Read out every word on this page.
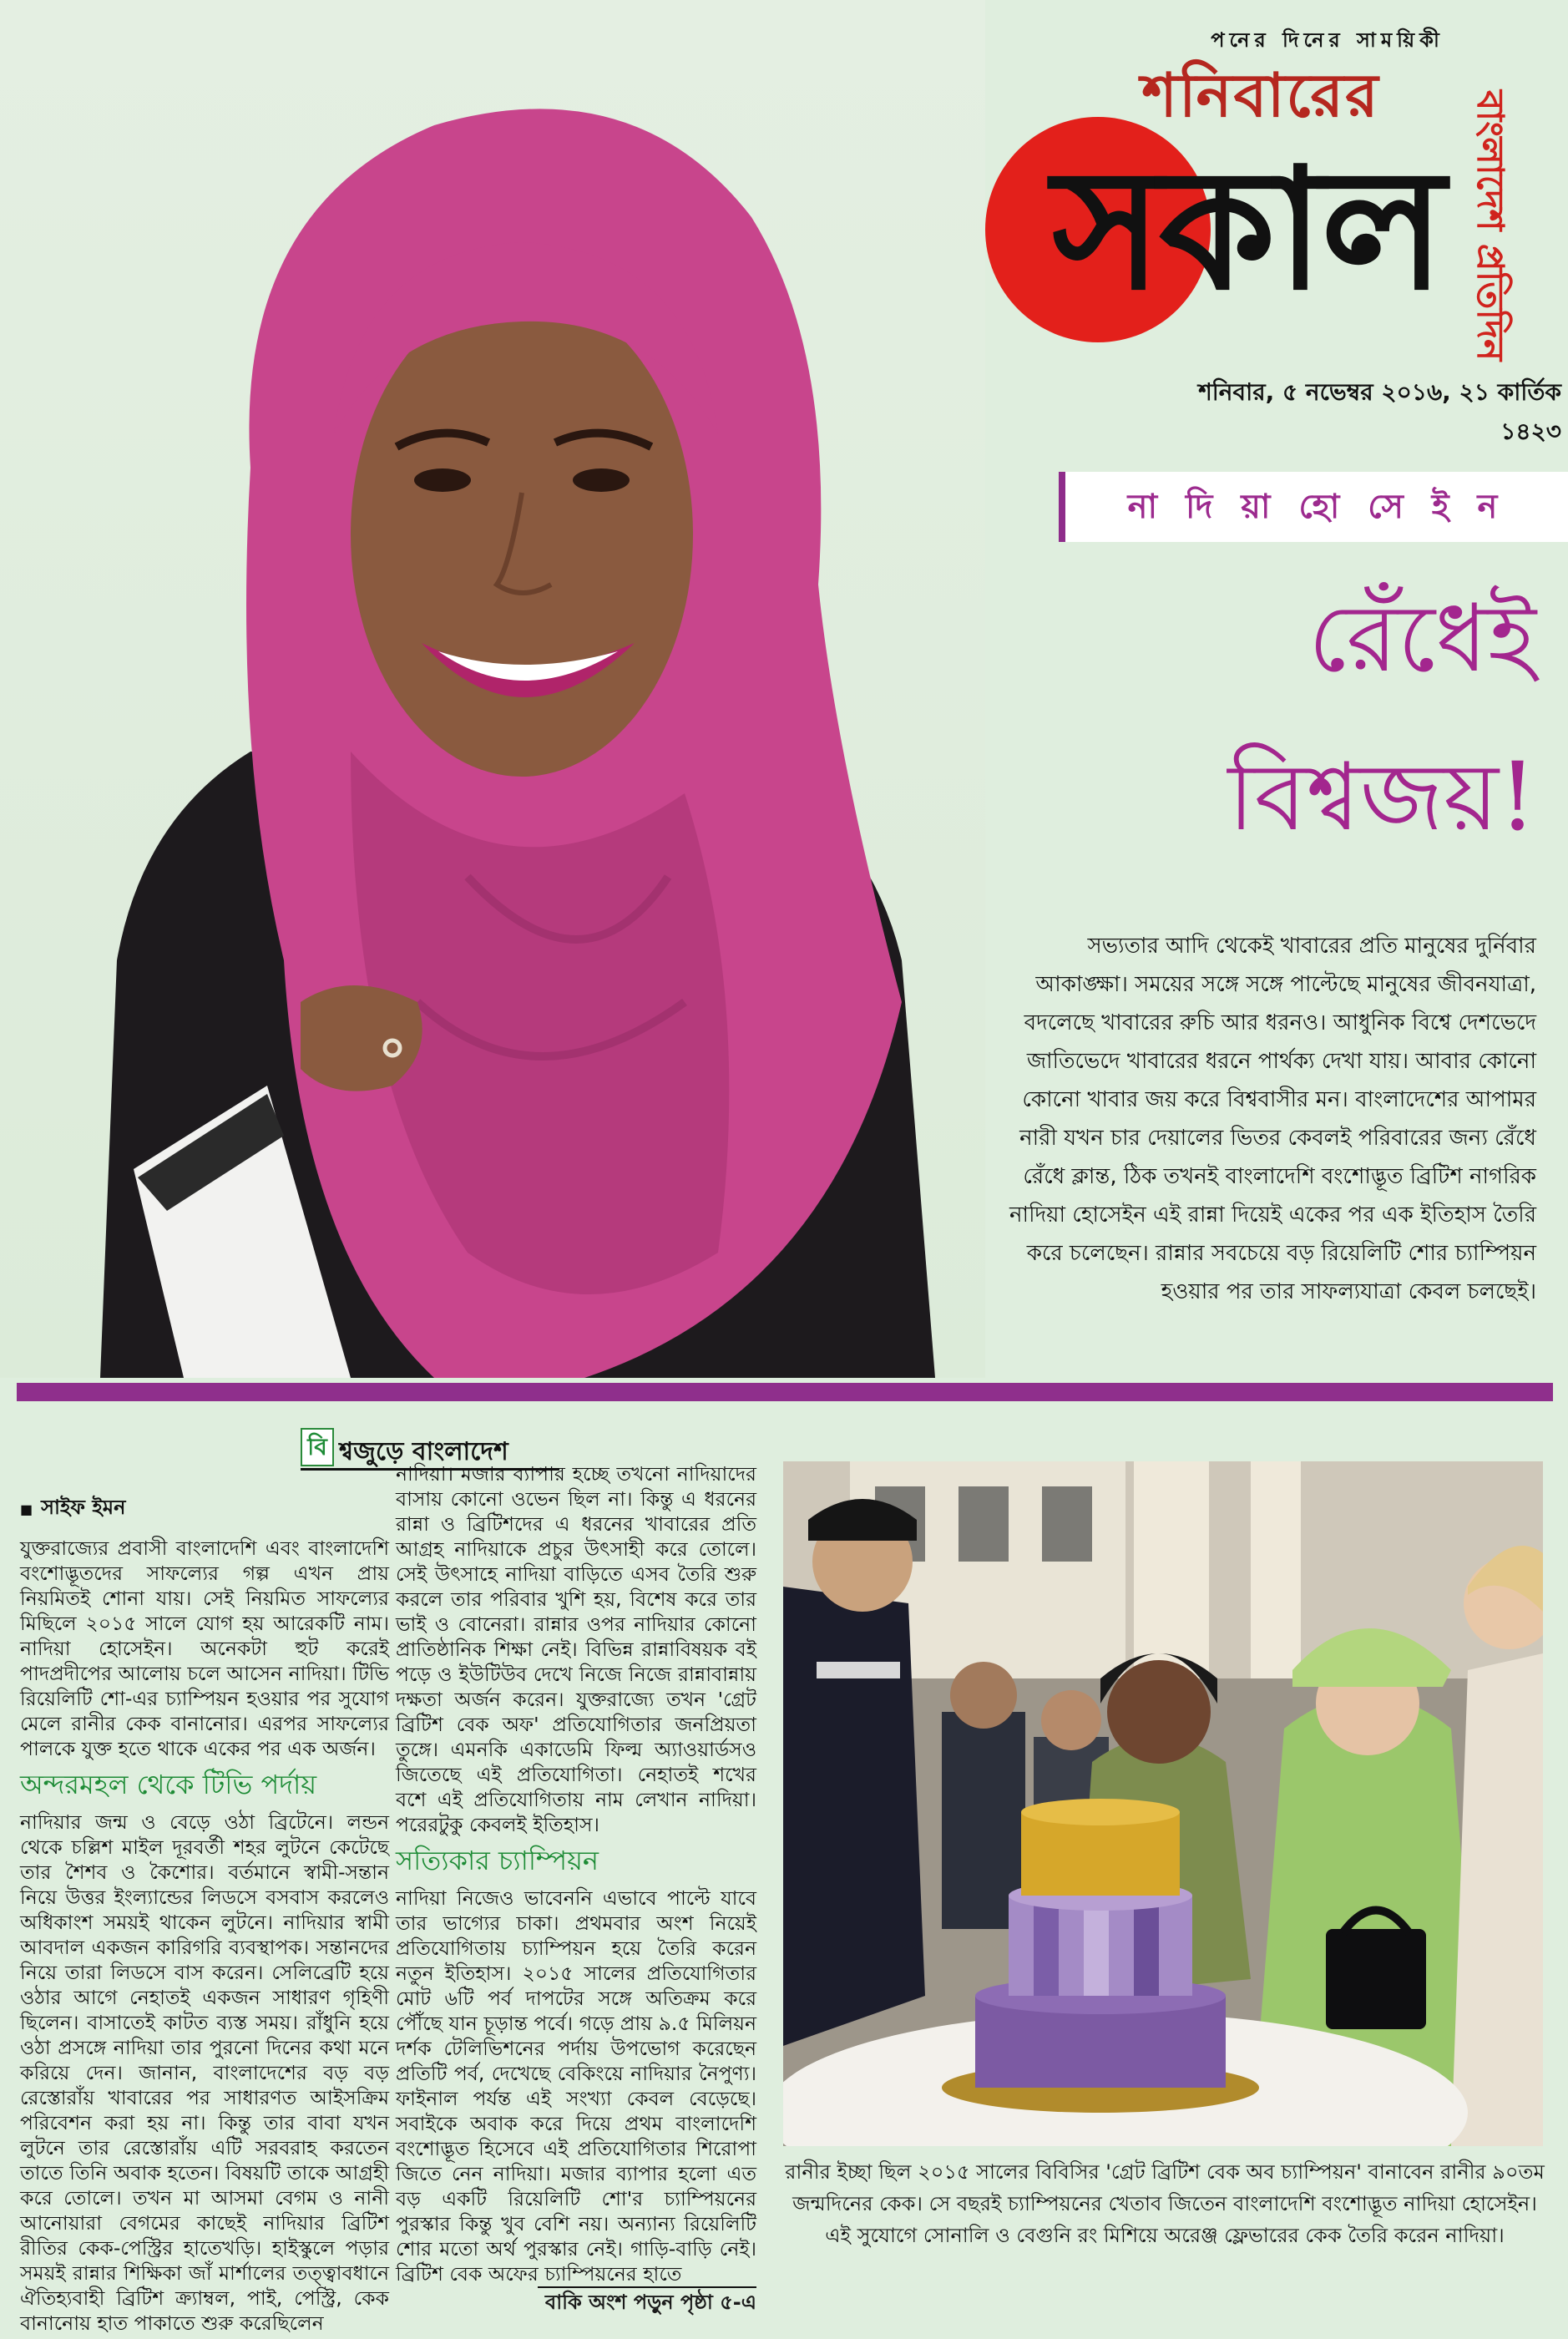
পনের দিনের সাময়িকী
শনিবারের
সকাল বাংলাদেশ প্রতিদিন
শনিবার, ৫ নভেম্বর ২০১৬, ২১ কার্তিক ১৪২৩
না দি য়া হো সে ই ন
রেঁধেই
বিশ্বজয়!
সভ্যতার আদি থেকেই খাবারের প্রতি মানুষের দুর্নিবার আকাঙ্ক্ষা। সময়ের সঙ্গে সঙ্গে পাল্টেছে মানুষের জীবনযাত্রা, বদলেছে খাবারের রুচি আর ধরনও। আধুনিক বিশ্বে দেশভেদে জাতিভেদে খাবারের ধরনে পার্থক্য দেখা যায়। আবার কোনো কোনো খাবার জয় করে বিশ্ববাসীর মন। বাংলাদেশের আপামর নারী যখন চার দেয়ালের ভিতর কেবলই পরিবারের জন্য রেঁধে রেঁধে ক্লান্ত, ঠিক তখনই বাংলাদেশি বংশোদ্ভূত ব্রিটিশ নাগরিক নাদিয়া হোসেইন এই রান্না দিয়েই একের পর এক ইতিহাস তৈরি করে চলেছেন। রান্নার সবচেয়ে বড় রিয়েলিটি শোর চ্যাম্পিয়ন হওয়ার পর তার সাফল্যযাত্রা কেবল চলছেই।
বি শ্বজুড়ে বাংলাদেশ

■ সাইফ ইমন

যুক্তরাজ্যের প্রবাসী বাংলাদেশি এবং বাংলাদেশি বংশোদ্ভূতদের সাফল্যের গল্প এখন প্রায় নিয়মিতই শোনা যায়। সেই নিয়মিত সাফল্যের মিছিলে ২০১৫ সালে যোগ হয় আরেকটি নাম। নাদিয়া হোসেইন। অনেকটা হুট করেই পাদপ্রদীপের আলোয় চলে আসেন নাদিয়া। টিভি রিয়েলিটি শো-এর চ্যাম্পিয়ন হওয়ার পর সুযোগ মেলে রানীর কেক বানানোর। এরপর সাফল্যের পালকে যুক্ত হতে থাকে একের পর এক অর্জন।

অন্দরমহল থেকে টিভি পর্দায়

নাদিয়ার জন্ম ও বেড়ে ওঠা ব্রিটেনে। লন্ডন থেকে চল্লিশ মাইল দূরবর্তী শহর লুটনে কেটেছে তার শৈশব ও কৈশোর। বর্তমানে স্বামী-সন্তান নিয়ে উত্তর ইংল্যান্ডের লিডসে বসবাস করলেও অধিকাংশ সময়ই থাকেন লুটনে। নাদিয়ার স্বামী আবদাল একজন কারিগরি ব্যবস্থাপক। সন্তানদের নিয়ে তারা লিডসে বাস করেন। সেলিব্রেটি হয়ে ওঠার আগে নেহাতই একজন সাধারণ গৃহিণী ছিলেন। বাসাতেই কাটত ব্যস্ত সময়। রাঁধুনি হয়ে ওঠা প্রসঙ্গে নাদিয়া তার পুরনো দিনের কথা মনে করিয়ে দেন। জানান, বাংলাদেশের বড় বড় রেস্তোরাঁয় খাবারের পর সাধারণত আইসক্রিম পরিবেশন করা হয় না। কিন্তু তার বাবা যখন লুটনে তার রেস্তোরাঁয় এটি সরবরাহ করতেন তাতে তিনি অবাক হতেন। বিষয়টি তাকে আগ্রহী করে তোলে। তখন মা আসমা বেগম ও নানী আনোয়ারা বেগমের কাছেই নাদিয়ার ব্রিটিশ রীতির কেক-পেস্ট্রির হাতেখড়ি। হাইস্কুলে পড়ার সময়ই রান্নার শিক্ষিকা জাঁ মার্শালের তত্ত্বাবধানে ঐতিহ্যবাহী ব্রিটিশ ক্র্যাম্বল, পাই, পেস্ট্রি, কেক বানানোয় হাত পাকাতে শুরু করেছিলেন

নাদিয়া। মজার ব্যাপার হচ্ছে তখনো নাদিয়াদের বাসায় কোনো ওভেন ছিল না। কিন্তু এ ধরনের রান্না ও ব্রিটিশদের এ ধরনের খাবারের প্রতি আগ্রহ নাদিয়াকে প্রচুর উৎসাহী করে তোলে। সেই উৎসাহে নাদিয়া বাড়িতে এসব তৈরি শুরু করলে তার পরিবার খুশি হয়, বিশেষ করে তার ভাই ও বোনেরা। রান্নার ওপর নাদিয়ার কোনো প্রাতিষ্ঠানিক শিক্ষা নেই। বিভিন্ন রান্নাবিষয়ক বই পড়ে ও ইউটিউব দেখে নিজে নিজে রান্নাবান্নায় দক্ষতা অর্জন করেন। যুক্তরাজ্যে তখন 'গ্রেট ব্রিটিশ বেক অফ' প্রতিযোগিতার জনপ্রিয়তা তুঙ্গে। এমনকি একাডেমি ফিল্ম অ্যাওয়ার্ডসও জিতেছে এই প্রতিযোগিতা। নেহাতই শখের বশে এই প্রতিযোগিতায় নাম লেখান নাদিয়া। পরেরটুকু কেবলই ইতিহাস।

সত্যিকার চ্যাম্পিয়ন

নাদিয়া নিজেও ভাবেননি এভাবে পাল্টে যাবে তার ভাগ্যের চাকা। প্রথমবার অংশ নিয়েই প্রতিযোগিতায় চ্যাম্পিয়ন হয়ে তৈরি করেন নতুন ইতিহাস। ২০১৫ সালের প্রতিযোগিতার মোট ৬টি পর্ব দাপটের সঙ্গে অতিক্রম করে পৌঁছে যান চূড়ান্ত পর্বে। গড়ে প্রায় ৯.৫ মিলিয়ন দর্শক টেলিভিশনের পর্দায় উপভোগ করেছেন প্রতিটি পর্ব, দেখেছে বেকিংয়ে নাদিয়ার নৈপুণ্য। ফাইনাল পর্যন্ত এই সংখ্যা কেবল বেড়েছে। সবাইকে অবাক করে দিয়ে প্রথম বাংলাদেশি বংশোদ্ভূত হিসেবে এই প্রতিযোগিতার শিরোপা জিতে নেন নাদিয়া। মজার ব্যাপার হলো এত বড় একটি রিয়েলিটি শো'র চ্যাম্পিয়নের পুরস্কার কিন্তু খুব বেশি নয়। অন্যান্য রিয়েলিটি শোর মতো অর্থ পুরস্কার নেই। গাড়ি-বাড়ি নেই। ব্রিটিশ বেক অফের চ্যাম্পিয়নের হাতে

বাকি অংশ পড়ুন পৃষ্ঠা ৫-এ
রানীর ইচ্ছা ছিল ২০১৫ সালের বিবিসির 'গ্রেট ব্রিটিশ বেক অব চ্যাম্পিয়ন' বানাবেন রানীর ৯০তম জন্মদিনের কেক। সে বছরই চ্যাম্পিয়নের খেতাব জিতেন বাংলাদেশি বংশোদ্ভূত নাদিয়া হোসেইন। এই সুযোগে সোনালি ও বেগুনি রং মিশিয়ে অরেঞ্জ ফ্লেভারের কেক তৈরি করেন নাদিয়া।
